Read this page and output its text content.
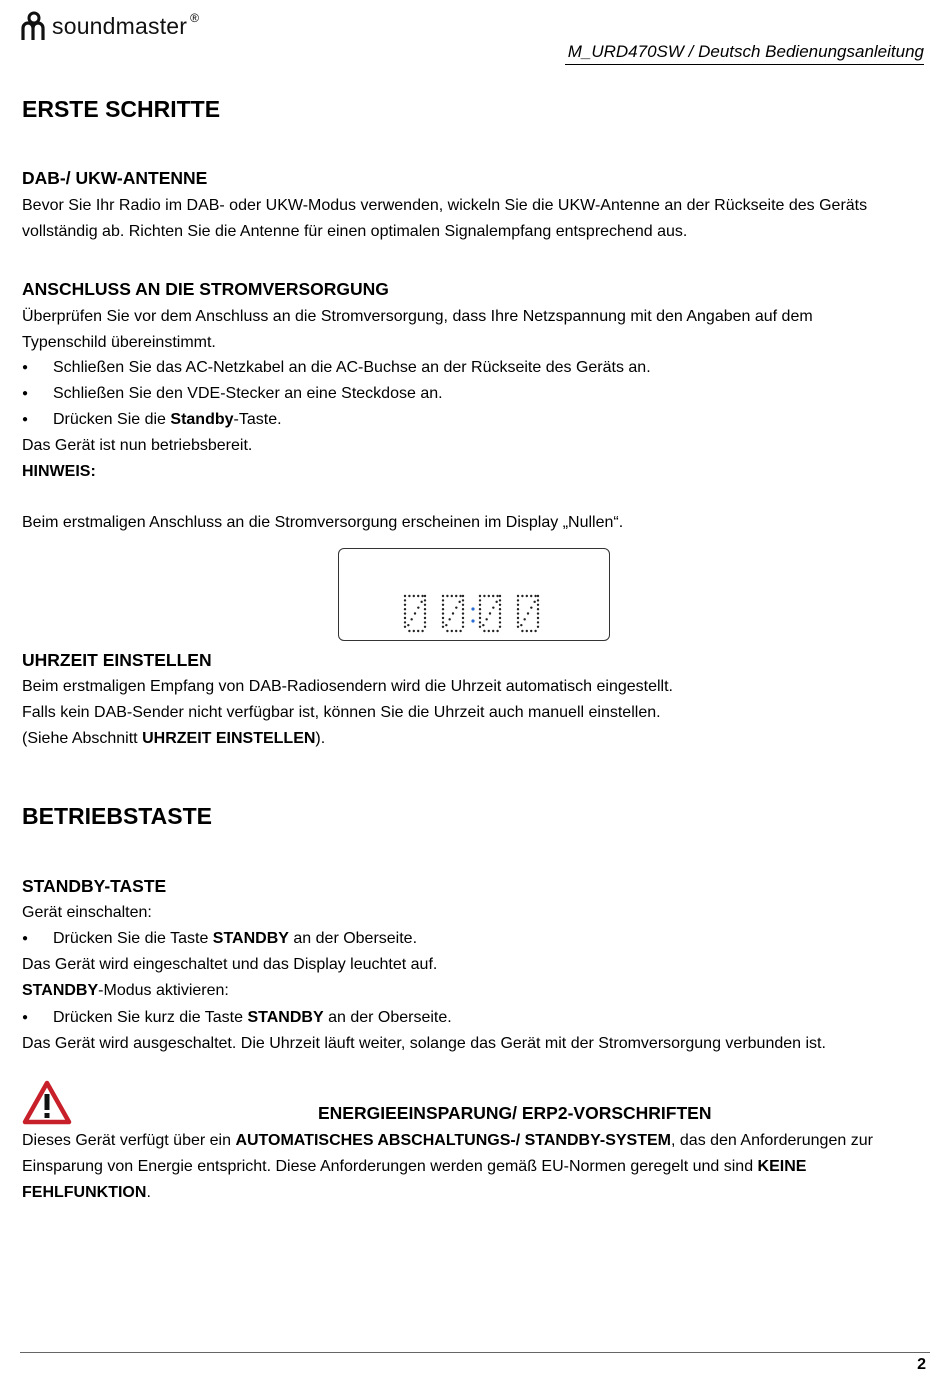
soundmaster ®
M_URD470SW / Deutsch Bedienungsanleitung
ERSTE SCHRITTE
DAB-/ UKW-ANTENNE
Bevor Sie Ihr Radio im DAB- oder UKW-Modus verwenden, wickeln Sie die UKW-Antenne an der Rückseite des Geräts
vollständig ab. Richten Sie die Antenne für einen optimalen Signalempfang entsprechend aus.
ANSCHLUSS AN DIE STROMVERSORGUNG
Überprüfen Sie vor dem Anschluss an die Stromversorgung, dass Ihre Netzspannung mit den Angaben auf dem
Typenschild übereinstimmt.
● Schließen Sie das AC-Netzkabel an die AC-Buchse an der Rückseite des Geräts an.
● Schließen Sie den VDE-Stecker an eine Steckdose an.
● Drücken Sie die Standby-Taste.
Das Gerät ist nun betriebsbereit.
HINWEIS:
Beim erstmaligen Anschluss an die Stromversorgung erscheinen im Display „Nullen“.
UHRZEIT EINSTELLEN
Beim erstmaligen Empfang von DAB-Radiosendern wird die Uhrzeit automatisch eingestellt.
Falls kein DAB-Sender nicht verfügbar ist, können Sie die Uhrzeit auch manuell einstellen.
(Siehe Abschnitt UHRZEIT EINSTELLEN).
BETRIEBSTASTE
STANDBY-TASTE
Gerät einschalten:
● Drücken Sie die Taste STANDBY an der Oberseite.
Das Gerät wird eingeschaltet und das Display leuchtet auf.
STANDBY-Modus aktivieren:
● Drücken Sie kurz die Taste STANDBY an der Oberseite.
Das Gerät wird ausgeschaltet. Die Uhrzeit läuft weiter, solange das Gerät mit der Stromversorgung verbunden ist.
ENERGIEEINSPARUNG/ ERP2-VORSCHRIFTEN
Dieses Gerät verfügt über ein AUTOMATISCHES ABSCHALTUNGS-/ STANDBY-SYSTEM, das den Anforderungen zur
Einsparung von Energie entspricht. Diese Anforderungen werden gemäß EU-Normen geregelt und sind KEINE
FEHLFUNKTION.
2
